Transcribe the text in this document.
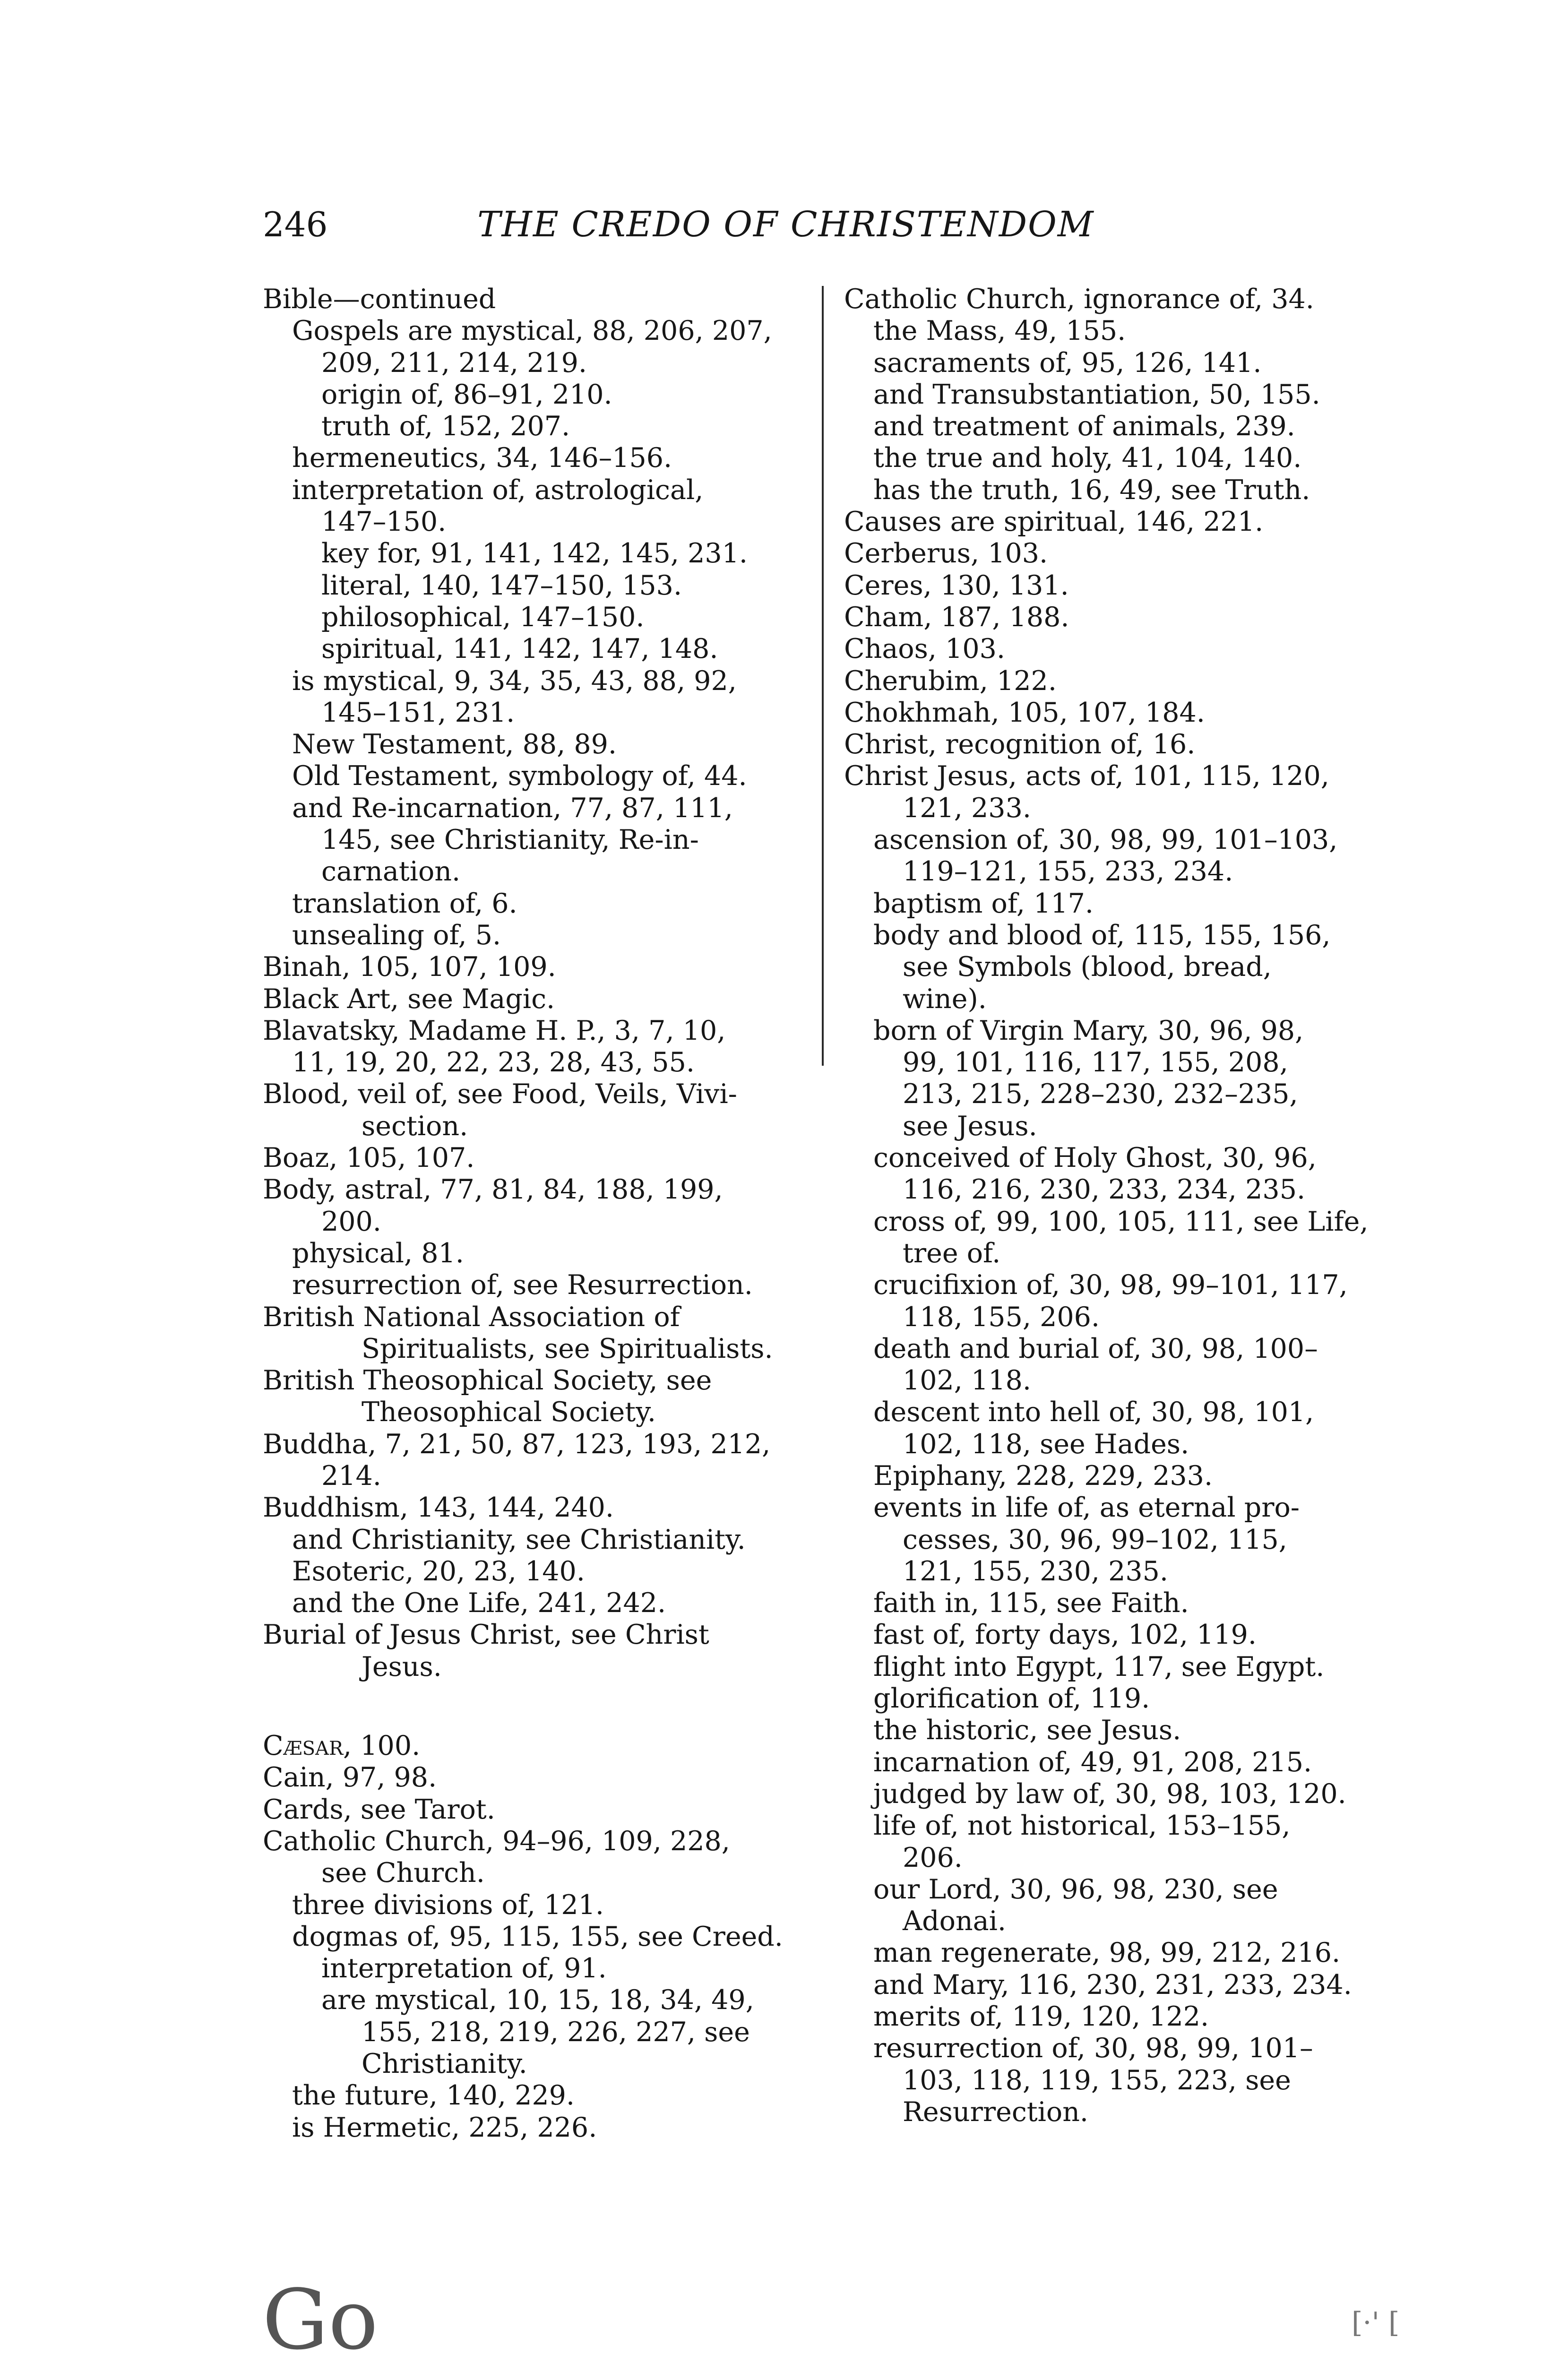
246	THE CREDO OF CHRISTENDOM

Bible—continued

Gospels are mystical, 88, 206, 207,

209, 211, 214, 219.

origin of, 86–91, 210.

truth of, 152, 207.

hermeneutics, 34, 146–156.

interpretation of, astrological,

147–150.

key for, 91, 141, 142, 145, 231.

literal, 140, 147–150, 153.

philosophical, 147–150.

spiritual, 141, 142, 147, 148.

is mystical, 9, 34, 35, 43, 88, 92,

145–151, 231.

New Testament, 88, 89.

Old Testament, symbology of, 44.

and Re-incarnation, 77, 87, 111,

145, see Christianity, Re-in-

carnation.

translation of, 6.

unsealing of, 5.

Binah, 105, 107, 109.

Black Art, see Magic.

Blavatsky, Madame H. P., 3, 7, 10,

11, 19, 20, 22, 23, 28, 43, 55.

Blood, veil of, see Food, Veils, Vivi-

section.

Boaz, 105, 107.

Body, astral, 77, 81, 84, 188, 199,

200.

physical, 81.

resurrection of, see Resurrection.

British National Association of

Spiritualists, see Spiritualists.

British Theosophical Society, see

Theosophical Society.

Buddha, 7, 21, 50, 87, 123, 193, 212,

214.

Buddhism, 143, 144, 240.

and Christianity, see Christianity.

Esoteric, 20, 23, 140.

and the One Life, 241, 242.

Burial of Jesus Christ, see Christ

Jesus.

Cæsar, 100.

Cain, 97, 98.

Cards, see Tarot.

Catholic Church, 94–96, 109, 228,

see Church.

three divisions of, 121.

dogmas of, 95, 115, 155, see Creed.

interpretation of, 91.

are mystical, 10, 15, 18, 34, 49,

155, 218, 219, 226, 227, see

Christianity.

the future, 140, 229.

is Hermetic, 225, 226.

Catholic Church, ignorance of, 34.

the Mass, 49, 155.

sacraments of, 95, 126, 141.

and Transubstantiation, 50, 155.

and treatment of animals, 239.

the true and holy, 41, 104, 140.

has the truth, 16, 49, see Truth.

Causes are spiritual, 146, 221.

Cerberus, 103.

Ceres, 130, 131.

Cham, 187, 188.

Chaos, 103.

Cherubim, 122.

Chokhmah, 105, 107, 184.

Christ, recognition of, 16.

Christ Jesus, acts of, 101, 115, 120,

121, 233.

ascension of, 30, 98, 99, 101–103,

119–121, 155, 233, 234.

baptism of, 117.

body and blood of, 115, 155, 156,

see Symbols (blood, bread,

wine).

born of Virgin Mary, 30, 96, 98,

99, 101, 116, 117, 155, 208,

213, 215, 228–230, 232–235,

see Jesus.

conceived of Holy Ghost, 30, 96,

116, 216, 230, 233, 234, 235.

cross of, 99, 100, 105, 111, see Life,

tree of.

crucifixion of, 30, 98, 99–101, 117,

118, 155, 206.

death and burial of, 30, 98, 100–

102, 118.

descent into hell of, 30, 98, 101,

102, 118, see Hades.

Epiphany, 228, 229, 233.

events in life of, as eternal pro-

cesses, 30, 96, 99–102, 115,

121, 155, 230, 235.

faith in, 115, see Faith.

fast of, forty days, 102, 119.

flight into Egypt, 117, see Egypt.

glorification of, 119.

the historic, see Jesus.

incarnation of, 49, 91, 208, 215.

judged by law of, 30, 98, 103, 120.

life of, not historical, 153–155,

206.

our Lord, 30, 96, 98, 230, see

Adonai.

man regenerate, 98, 99, 212, 216.

and Mary, 116, 230, 231, 233, 234.

merits of, 119, 120, 122.

resurrection of, 30, 98, 99, 101–

103, 118, 119, 155, 223, see

Resurrection.

Go	[·' [
